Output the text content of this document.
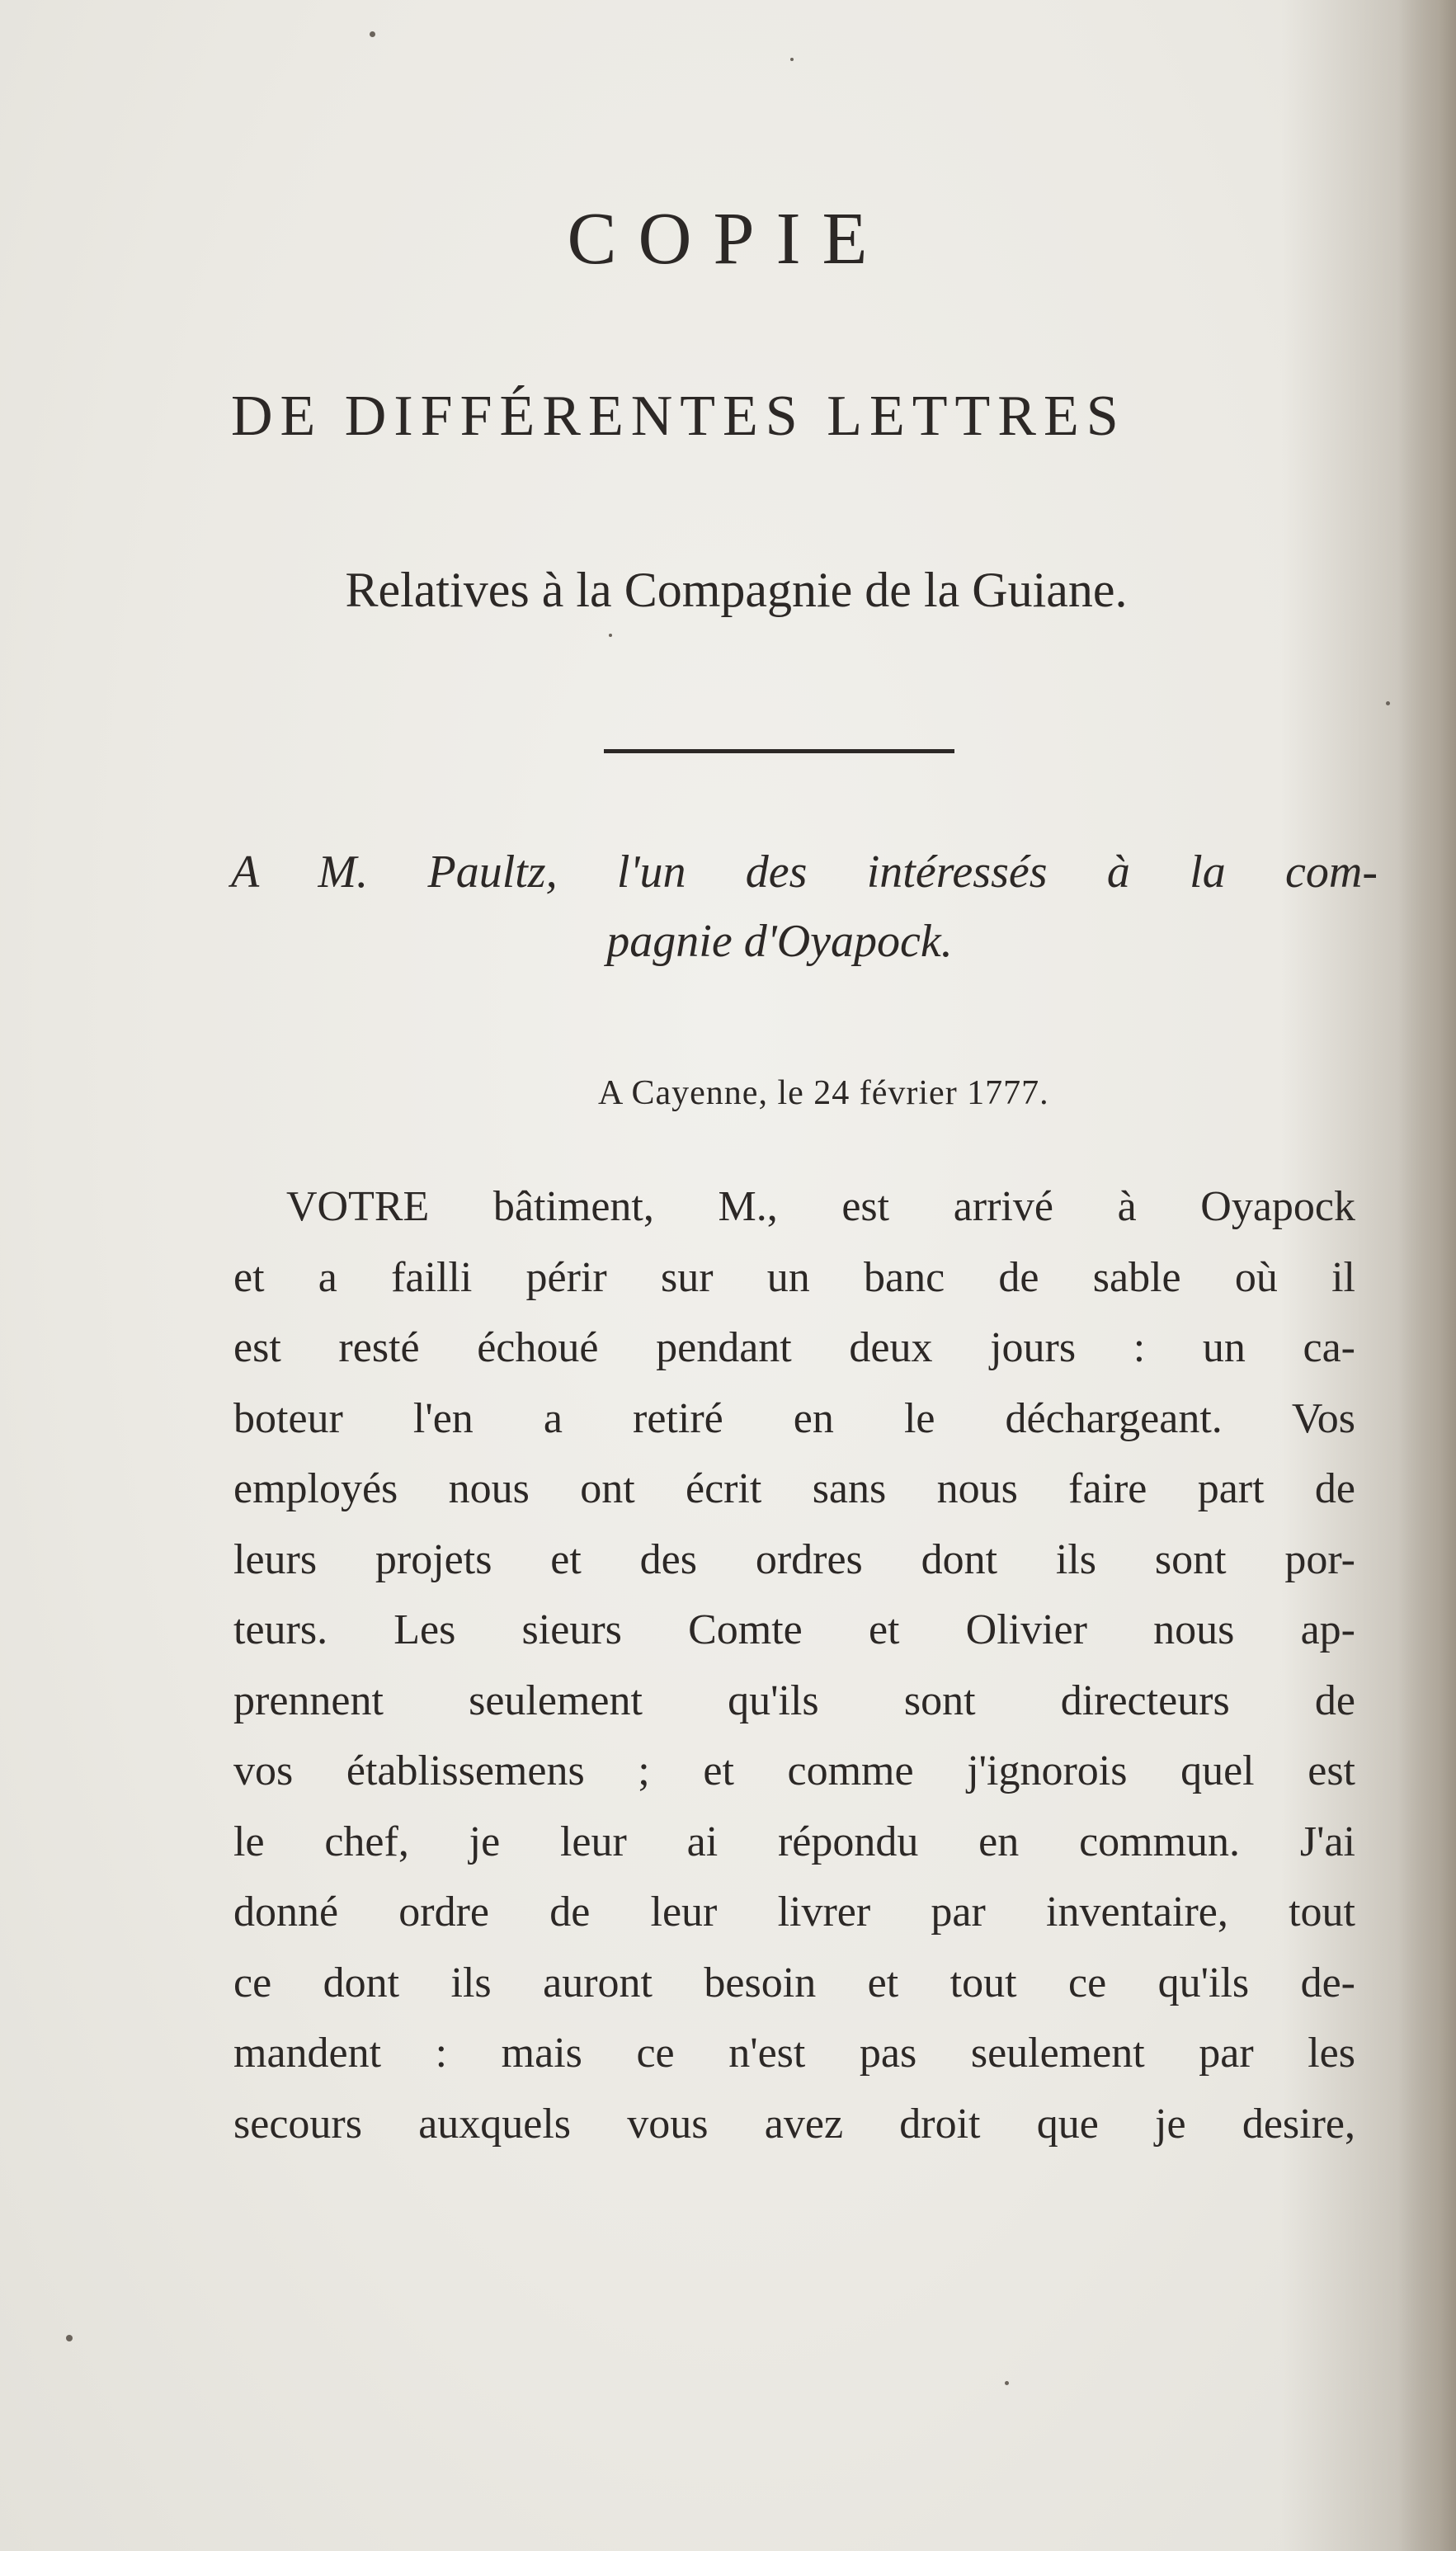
COPIE
DE DIFFÉRENTES LETTRES
Relatives à la Compagnie de la Guiane.
A M. Paultz, l'un des intéressés à la com-
pagnie d'Oyapock.
A Cayenne, le 24 février 1777.
VOTRE bâtiment, M., est arrivé à Oyapock
et a failli périr sur un banc de sable où il
est resté échoué pendant deux jours : un ca-
boteur l'en a retiré en le déchargeant. Vos
employés nous ont écrit sans nous faire part de
leurs projets et des ordres dont ils sont por-
teurs. Les sieurs Comte et Olivier nous ap-
prennent seulement qu'ils sont directeurs de
vos établissemens ; et comme j'ignorois quel est
le chef, je leur ai répondu en commun. J'ai
donné ordre de leur livrer par inventaire, tout
ce dont ils auront besoin et tout ce qu'ils de-
mandent : mais ce n'est pas seulement par les
secours auxquels vous avez droit que je desire,
